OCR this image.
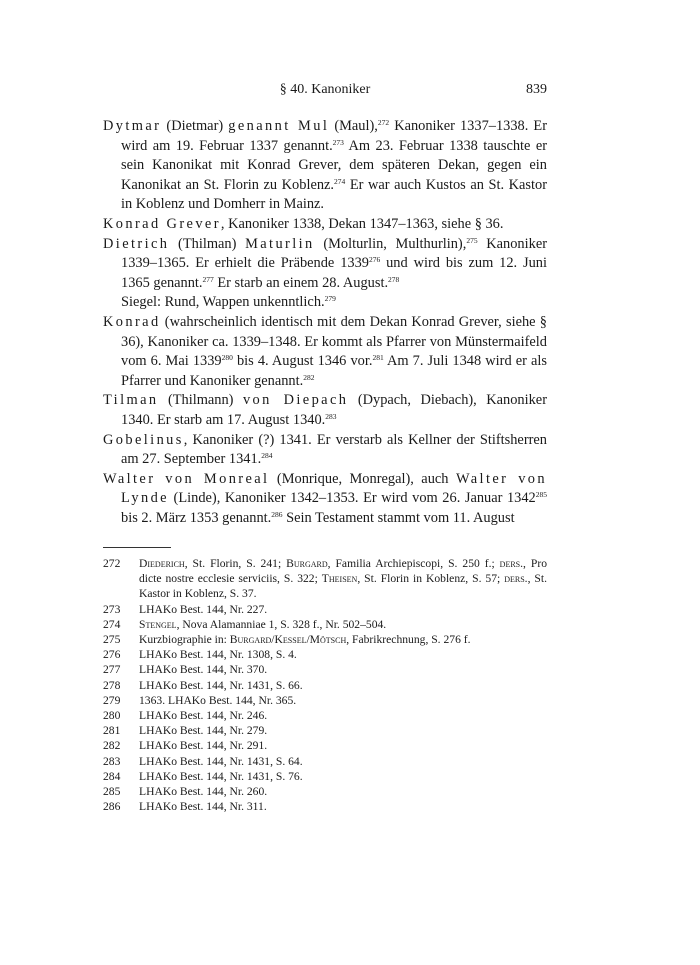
§ 40. Kanoniker	839

Dytmar (Dietmar) genannt Mul (Maul),$^{272}$ Kanoniker 1337–1338. Er wird am 19. Februar 1337 genannt.$^{273}$ Am 23. Februar 1338 tauschte er sein Kanonikat mit Konrad Grever, dem späteren Dekan, gegen ein Kanonikat an St. Florin zu Koblenz.$^{274}$ Er war auch Kustos an St. Kastor in Koblenz und Domherr in Mainz.

Konrad Grever, Kanoniker 1338, Dekan 1347–1363, siehe § 36.

Dietrich (Thilman) Maturlin (Molturlin, Multhurlin),$^{275}$ Kanoniker 1339–1365. Er erhielt die Präbende 1339$^{276}$ und wird bis zum 12. Juni 1365 genannt.$^{277}$ Er starb an einem 28. August.$^{278}$

Siegel: Rund, Wappen unkenntlich.$^{279}$

Konrad (wahrscheinlich identisch mit dem Dekan Konrad Grever, siehe § 36), Kanoniker ca. 1339–1348. Er kommt als Pfarrer von Münstermaifeld vom 6. Mai 1339$^{280}$ bis 4. August 1346 vor.$^{281}$ Am 7. Juli 1348 wird er als Pfarrer und Kanoniker genannt.$^{282}$

Tilman (Thilmann) von Diepach (Dypach, Diebach), Kanoniker 1340. Er starb am 17. August 1340.$^{283}$

Gobelinus, Kanoniker (?) 1341. Er verstarb als Kellner der Stiftsherren am 27. September 1341.$^{284}$

Walter von Monreal (Monrique, Monregal), auch Walter von Lynde (Linde), Kanoniker 1342–1353. Er wird vom 26. Januar 1342$^{285}$ bis 2. März 1353 genannt.$^{286}$ Sein Testament stammt vom 11. August

272	Diederich, St. Florin, S. 241; Burgard, Familia Archiepiscopi, S. 250 f.; ders., Pro dicte nostre ecclesie serviciis, S. 322; Theisen, St. Florin in Koblenz, S. 57; ders., St. Kastor in Koblenz, S. 37.

273	LHAKo Best. 144, Nr. 227.

274	Stengel, Nova Alamanniae 1, S. 328 f., Nr. 502–504.

275	Kurzbiographie in: Burgard/Kessel/Mötsch, Fabrikrechnung, S. 276 f.

276	LHAKo Best. 144, Nr. 1308, S. 4.

277	LHAKo Best. 144, Nr. 370.

278	LHAKo Best. 144, Nr. 1431, S. 66.

279	1363. LHAKo Best. 144, Nr. 365.

280	LHAKo Best. 144, Nr. 246.

281	LHAKo Best. 144, Nr. 279.

282	LHAKo Best. 144, Nr. 291.

283	LHAKo Best. 144, Nr. 1431, S. 64.

284	LHAKo Best. 144, Nr. 1431, S. 76.

285	LHAKo Best. 144, Nr. 260.

286	LHAKo Best. 144, Nr. 311.
